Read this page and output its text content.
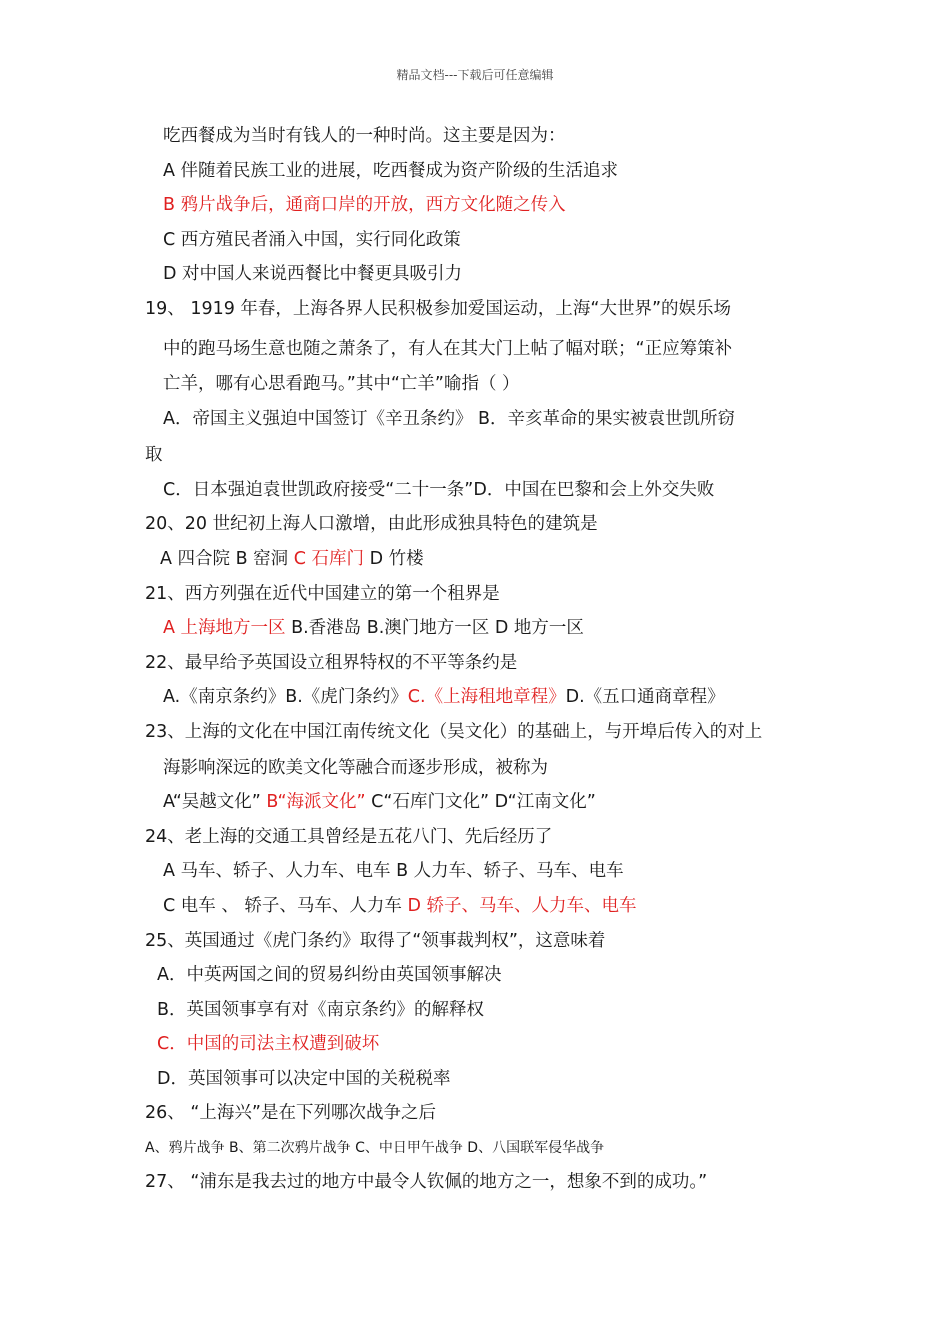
精品文档---下载后可任意编辑
吃西餐成为当时有钱人的一种时尚。这主要是因为：
A 伴随着民族工业的进展，吃西餐成为资产阶级的生活追求
B 鸦片战争后，通商口岸的开放，西方文化随之传入
C 西方殖民者涌入中国，实行同化政策
D 对中国人来说西餐比中餐更具吸引力
19、 1919 年春，上海各界人民积极参加爱国运动，上海“大世界”的娱乐场
中的跑马场生意也随之萧条了，有人在其大门上帖了幅对联；“正应筹策补
亡羊，哪有心思看跑马。”其中“亡羊”喻指（ ）
A．帝国主义强迫中国签订《辛丑条约》 B．辛亥革命的果实被袁世凯所窃
取
C．日本强迫袁世凯政府接受“二十一条”D．中国在巴黎和会上外交失败
20、20 世纪初上海人口激增，由此形成独具特色的建筑是
A 四合院 B 窑洞 C 石库门 D 竹楼
21、西方列强在近代中国建立的第一个租界是
A 上海地方一区 B.香港岛 B.澳门地方一区 D 地方一区
22、最早给予英国设立租界特权的不平等条约是
A.《南京条约》B.《虎门条约》C.《上海租地章程》D.《五口通商章程》
23、上海的文化在中国江南传统文化（吴文化）的基础上，与开埠后传入的对上
海影响深远的欧美文化等融合而逐步形成，被称为
A“吴越文化” B“海派文化” C“石库门文化” D“江南文化”
24、老上海的交通工具曾经是五花八门、先后经历了
A 马车、轿子、人力车、电车 B 人力车、轿子、马车、电车
C 电车 、 轿子、马车、人力车 D 轿子、马车、人力车、电车
25、英国通过《虎门条约》取得了“领事裁判权”，这意味着
A．中英两国之间的贸易纠纷由英国领事解决
B．英国领事享有对《南京条约》的解释权
C．中国的司法主权遭到破坏
D．英国领事可以决定中国的关税税率
26、 “上海兴”是在下列哪次战争之后
A、鸦片战争 B、第二次鸦片战争 C、中日甲午战争 D、八国联军侵华战争
27、 “浦东是我去过的地方中最令人钦佩的地方之一，想象不到的成功。”
